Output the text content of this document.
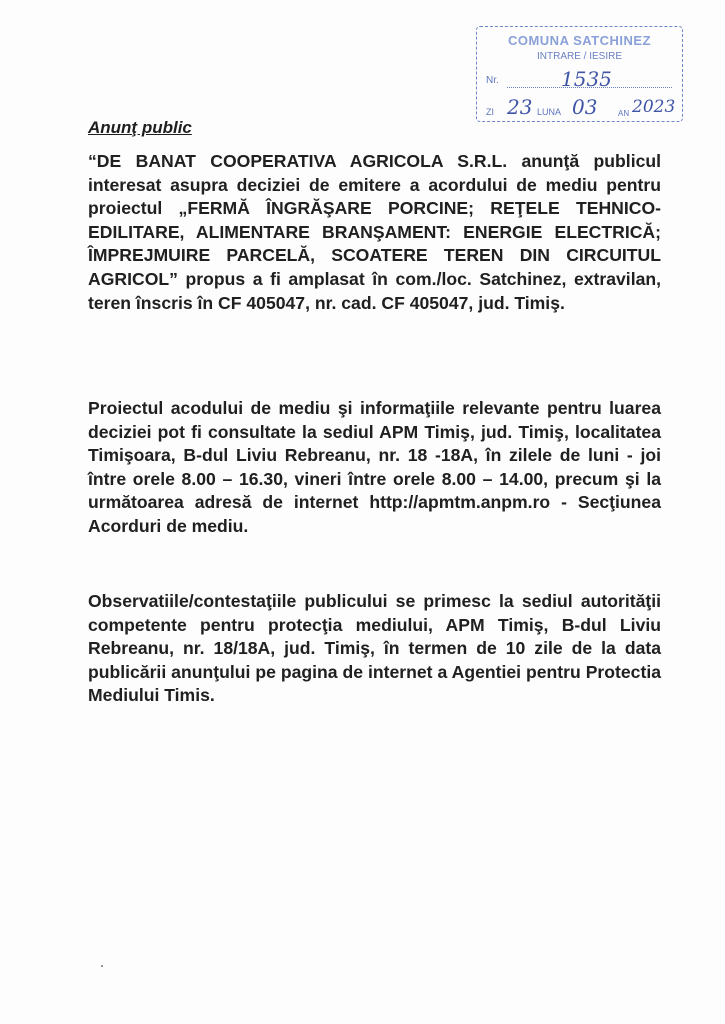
COMUNA SATCHINEZ
INTRARE / IESIRE
Nr.	1535
ZI 23 LUNA 03	AN 2023
Anunţ public

“DE BANAT COOPERATIVA AGRICOLA S.R.L. anunţă publicul interesat asupra deciziei de emitere a acordului de mediu pentru proiectul „FERMĂ ÎNGRĂŞARE PORCINE; REŢELE TEHNICO-EDILITARE, ALIMENTARE BRANŞAMENT: ENERGIE ELECTRICĂ; ÎMPREJMUIRE PARCELĂ, SCOATERE TEREN DIN CIRCUITUL AGRICOL” propus a fi amplasat în com./loc. Satchinez, extravilan, teren înscris în CF 405047, nr. cad. CF 405047, jud. Timiş.

Proiectul acodului de mediu şi informaţiile relevante pentru luarea deciziei pot fi consultate la sediul APM Timiş, jud. Timiş, localitatea Timişoara, B-dul Liviu Rebreanu, nr. 18 -18A, în zilele de luni - joi între orele 8.00 – 16.30, vineri între orele 8.00 – 14.00, precum şi la următoarea adresă de internet http://apmtm.anpm.ro - Secţiunea Acorduri de mediu.

Observatiile/contestaţiile publicului se primesc la sediul autorităţii competente pentru protecţia mediului, APM Timiş, B-dul Liviu Rebreanu, nr. 18/18A, jud. Timiş, în termen de 10 zile de la data publicării anunţului pe pagina de internet a Agentiei pentru Protectia Mediului Timis.
